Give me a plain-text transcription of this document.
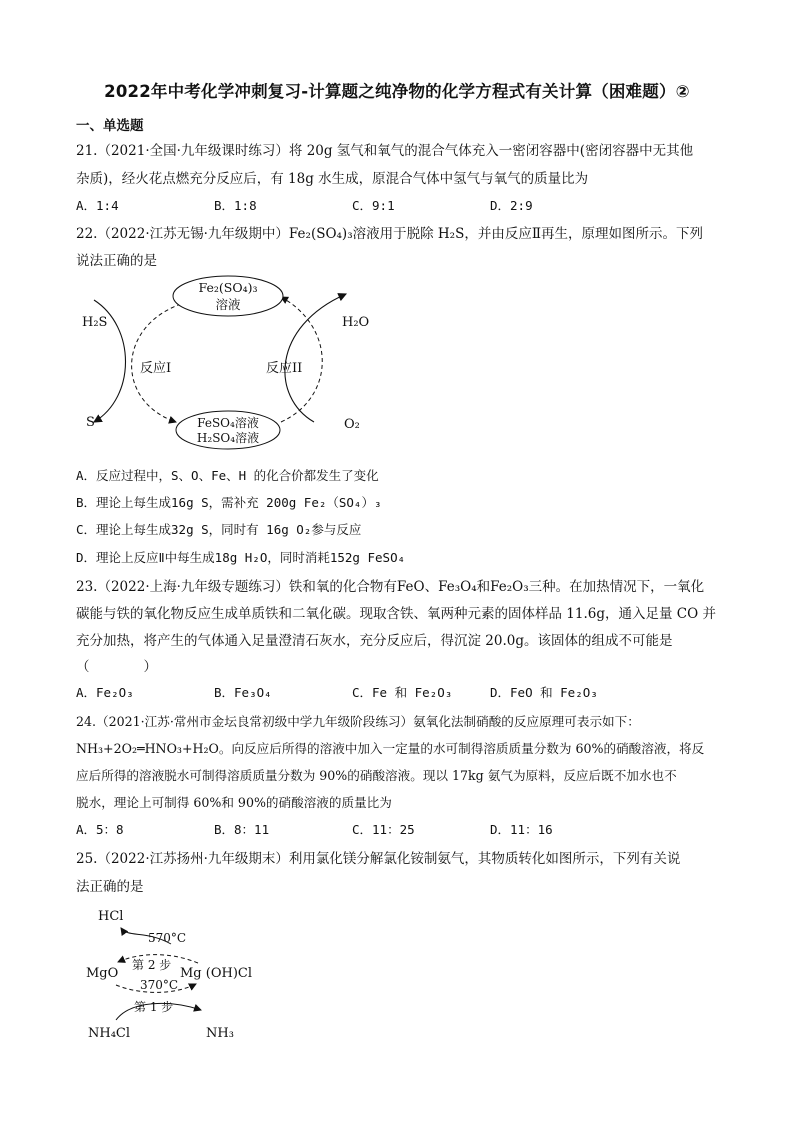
2022年中考化学冲刺复习-计算题之纯净物的化学方程式有关计算（困难题）②
一、单选题
21.（2021·全国·九年级课时练习）将 20g 氢气和氧气的混合气体充入一密闭容器中(密闭容器中无其他
杂质)，经火花点燃充分反应后，有 18g 水生成，原混合气体中氢气与氧气的质量比为
A．1:4	B．1:8	C．9:1	D．2:9
22.（2022·江苏无锡·九年级期中）Fe₂(SO₄)₃溶液用于脱除 H₂S，并由反应Ⅱ再生，原理如图所示。下列
说法正确的是
Fe₂(SO₄)₃
溶液
FeSO₄溶液
H₂SO₄溶液
H₂S
S
H₂O
O₂
反应I	反应II
A．反应过程中，S、O、Fe、H 的化合价都发生了变化
B．理论上每生成16g S，需补充 200g Fe₂（SO₄）₃
C．理论上每生成32g S，同时有 16g O₂参与反应
D．理论上反应Ⅱ中每生成18g H₂O，同时消耗152g FeSO₄
23.（2022·上海·九年级专题练习）铁和氧的化合物有FeO、Fe₃O₄和Fe₂O₃三种。在加热情况下，一氧化
碳能与铁的氧化物反应生成单质铁和二氧化碳。现取含铁、氧两种元素的固体样品 11.6g，通入足量 CO 并
充分加热，将产生的气体通入足量澄清石灰水，充分反应后，得沉淀 20.0g。该固体的组成不可能是
（　　　　）
A．Fe₂O₃	B．Fe₃O₄	C．Fe 和 Fe₂O₃	D．FeO 和 Fe₂O₃
24.（2021·江苏·常州市金坛良常初级中学九年级阶段练习）氨氧化法制硝酸的反应原理可表示如下：
NH₃+2O₂═HNO₃+H₂O。向反应后所得的溶液中加入一定量的水可制得溶质质量分数为 60%的硝酸溶液，将反
应后所得的溶液脱水可制得溶质质量分数为 90%的硝酸溶液。现以 17kg 氨气为原料，反应后既不加水也不
脱水，理论上可制得 60%和 90%的硝酸溶液的质量比为
A．5：8	B．8：11	C．11：25	D．11：16
25.（2022·江苏扬州·九年级期末）利用氯化镁分解氯化铵制氨气，其物质转化如图所示，下列有关说
法正确的是
HCl
570°C
MgO	Mg (OH)Cl
第 2 步
370°C
第 1 步
NH₄Cl	NH₃
